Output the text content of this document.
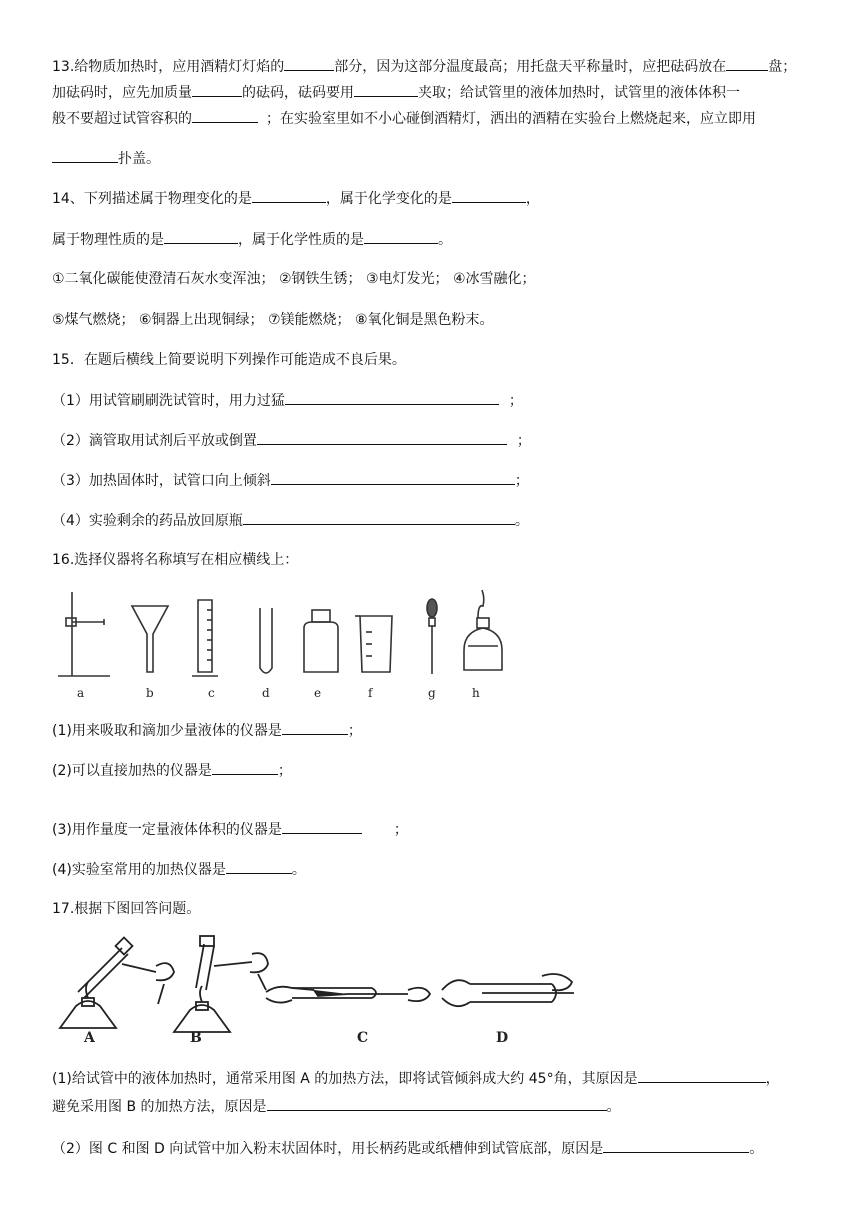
13.给物质加热时，应用酒精灯灯焰的	部分，因为这部分温度最高；用托盘天平称量时，应把砝码放在	盘；
加砝码时，应先加质量	的砝码，砝码要用	夹取；给试管里的液体加热时，试管里的液体体积一
般不要超过试管容积的	；在实验室里如不小心碰倒酒精灯，洒出的酒精在实验台上燃烧起来，应立即用
扑盖。
14、下列描述属于物理变化的是	，属于化学变化的是	，
属于物理性质的是	，属于化学性质的是	。
①二氧化碳能使澄清石灰水变浑浊； ②钢铁生锈； ③电灯发光； ④冰雪融化；
⑤煤气燃烧； ⑥铜器上出现铜绿； ⑦镁能燃烧； ⑧氧化铜是黑色粉末。
15．在题后横线上简要说明下列操作可能造成不良后果。
（1）用试管刷刷洗试管时，用力过猛	；
（2）滴管取用试剂后平放或倒置	；
（3）加热固体时，试管口向上倾斜	；
（4）实验剩余的药品放回原瓶	。
16.选择仪器将名称填写在相应横线上：
a	b	c	d	e	f	g	h
(1)用来吸取和滴加少量液体的仪器是	；
(2)可以直接加热的仪器是	；
(3)用作量度一定量液体体积的仪器是	；
(4)实验室常用的加热仪器是	。
17.根据下图回答问题。
A	B	C	D
(1)给试管中的液体加热时，通常采用图 A 的加热方法，即将试管倾斜成大约 45°角，其原因是	，
避免采用图 B 的加热方法，原因是	。
（2）图 C 和图 D 向试管中加入粉末状固体时，用长柄药匙或纸槽伸到试管底部，原因是	。
